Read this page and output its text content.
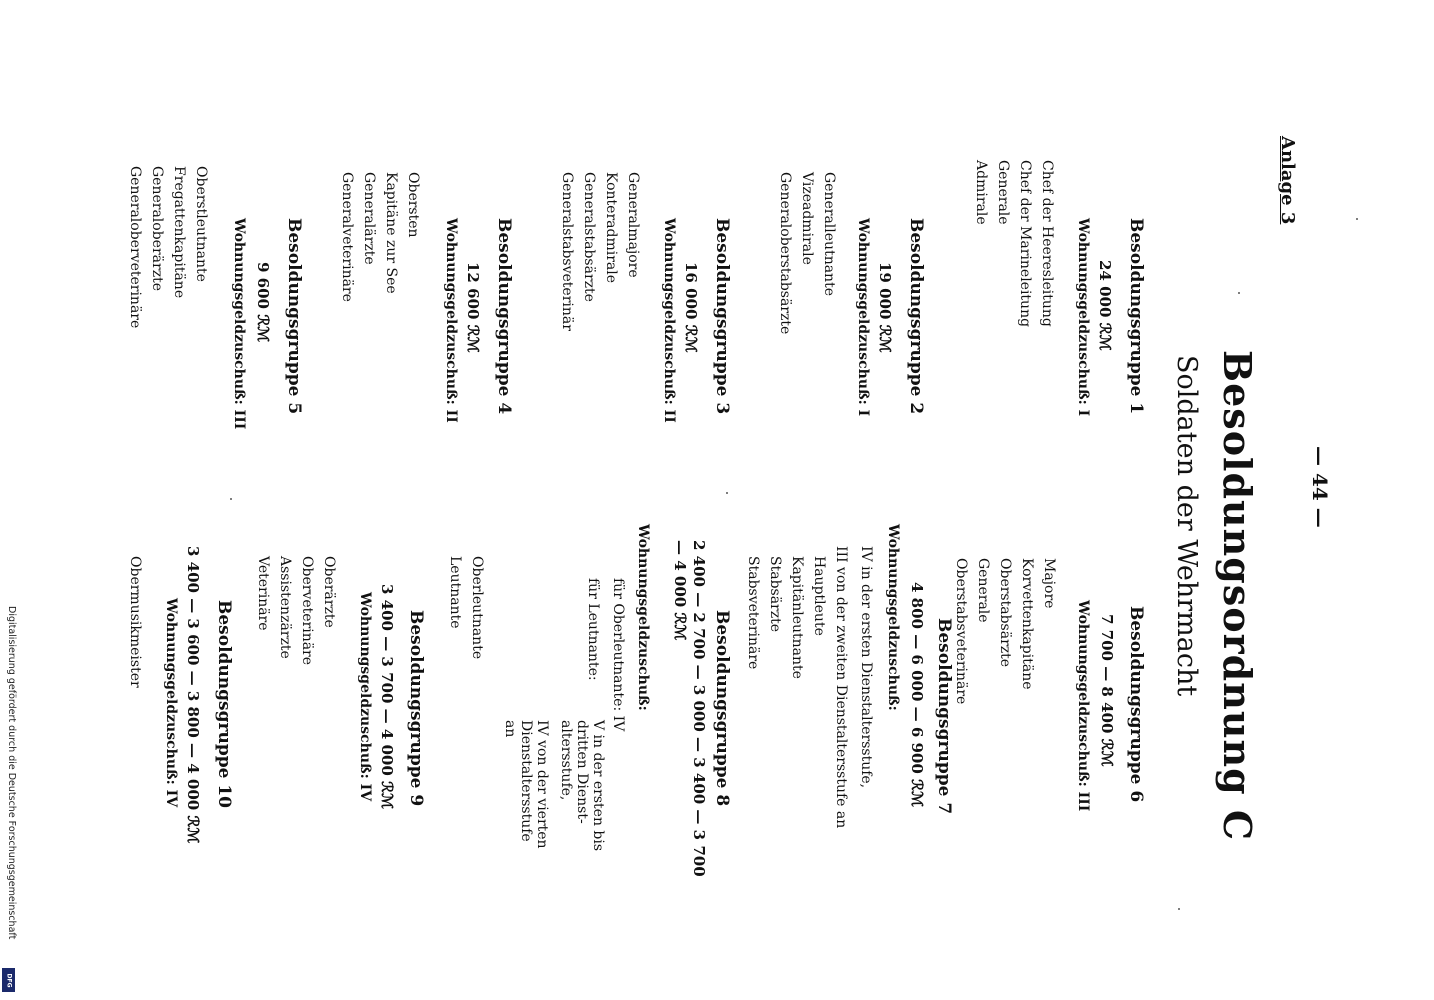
Anlage 3
Besoldungsordnung C
Soldaten der Wehrmacht	— 44 —
Besoldungsgruppe 1
24 000 ℛℳ
Wohnungsgeldzuschuß: I
Chef der Heeresleitung
Chef der Marineleitung
Generale
Admirale
Besoldungsgruppe 2
19 000 ℛℳ
Wohnungsgeldzuschuß: I
Generalleutnante
Vizeadmirale
Generaloberstabsärzte
Besoldungsgruppe 3
16 000 ℛℳ
Wohnungsgeldzuschuß: II
Generalmajore
Konteradmirale
Generalstabsärzte
Generalstabsveterinär
Besoldungsgruppe 4
12 600 ℛℳ
Wohnungsgeldzuschuß: II
Obersten
Kapitäne zur See
Generalärzte
Generalveterinäre
Besoldungsgruppe 5
9 600 ℛℳ
Wohnungsgeldzuschuß: III
Oberstleutnante
Fregattenkapitäne
Generaloberärzte
Generaloberveterinäre
Besoldungsgruppe 6
7 700 — 8 400 ℛℳ
Wohnungsgeldzuschuß: III
Majore
Korvettenkapitäne
Oberstabsärzte
Generale
Oberstabsveterinäre
Besoldungsgruppe 7
4 800 — 6 000 — 6 900 ℛℳ
Wohnungsgeldzuschuß:
IV in der ersten Dienstaltersstufe,
III von der zweiten Dienstaltersstufe an
Hauptleute
Kapitänleutnante
Stabsärzte
Stabsveterinäre
Besoldungsgruppe 8
2 400 — 2 700 — 3 000 — 3 400 — 3 700
— 4 000 ℛℳ
Wohnungsgeldzuschuß:
für Oberleutnante: IV
für Leutnante:
V in der ersten bis
dritten Dienst-
altersstufe,
IV von der vierten
Dienstaltersstufe
an
Oberleutnante
Leutnante
Besoldungsgruppe 9
3 400 — 3 700 — 4 000 ℛℳ
Wohnungsgeldzuschuß: IV
Oberärzte
Oberveterinäre
Assistenzärzte
Veterinäre
Besoldungsgruppe 10
3 400 — 3 600 — 3 800 — 4 000 ℛℳ
Wohnungsgeldzuschuß: IV
Obermusikmeister
Digitalisierung gefördert durch die Deutsche Forschungsgemeinschaft
DFG
